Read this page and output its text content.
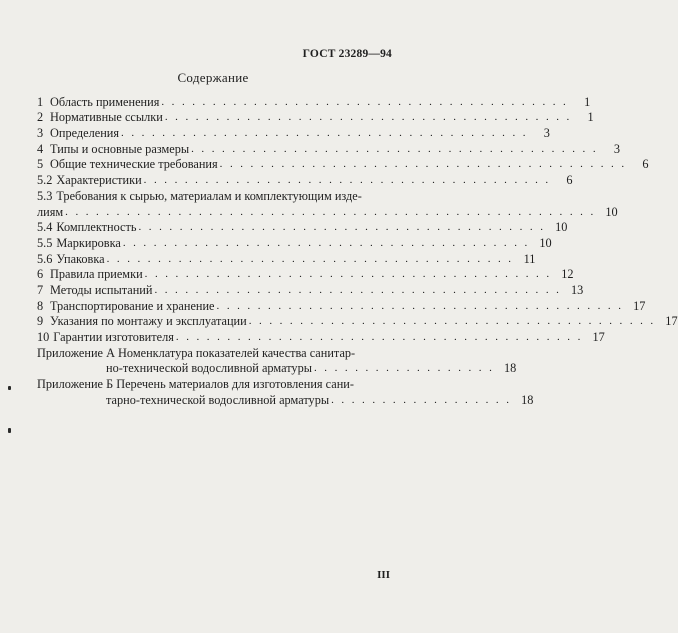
ГОСТ 23289—94
Содержание
1 Область применения . . . . . . . . . . . . . . . . . . . . . . . . . . . . . . . . . . . . . . . .	1
2 Нормативные ссылки . . . . . . . . . . . . . . . . . . . . . . . . . . . . . . . . . . . . . . . .	1
3 Определения . . . . . . . . . . . . . . . . . . . . . . . . . . . . . . . . . . . . . . . .	3
4 Типы и основные размеры . . . . . . . . . . . . . . . . . . . . . . . . . . . . . . . . . . . . . . . .	3
5 Общие технические требования . . . . . . . . . . . . . . . . . . . . . . . . . . . . . . . . . . . . . . . .	6
5.2 Характеристики . . . . . . . . . . . . . . . . . . . . . . . . . . . . . . . . . . . . . . . .	6
5.3 Требования к сырью, материалам и комплектующим изде-
лиям . . . . . . . . . . . . . . . . . . . . . . . . . . . . . . . . . . . . . . . . . . . . . . . . . . . . 10
5.4 Комплектность . . . . . . . . . . . . . . . . . . . . . . . . . . . . . . . . . . . . . . . . 10
5.5 Маркировка . . . . . . . . . . . . . . . . . . . . . . . . . . . . . . . . . . . . . . . . 10
5.6 Упаковка . . . . . . . . . . . . . . . . . . . . . . . . . . . . . . . . . . . . . . . . 11
6 Правила приемки . . . . . . . . . . . . . . . . . . . . . . . . . . . . . . . . . . . . . . . . 12
7 Методы испытаний . . . . . . . . . . . . . . . . . . . . . . . . . . . . . . . . . . . . . . . . 13
8 Транспортирование и хранение . . . . . . . . . . . . . . . . . . . . . . . . . . . . . . . . . . . . . . . . 17
9 Указания по монтажу и эксплуатации . . . . . . . . . . . . . . . . . . . . . . . . . . . . . . . . . . . . . . . . 17
10 Гарантии изготовителя . . . . . . . . . . . . . . . . . . . . . . . . . . . . . . . . . . . . . . . . 17
Приложение А Номенклатура показателей качества санитар-
но-технической водосливной арматуры . . . . . . . . . . . . . . . . . . 18
Приложение Б Перечень материалов для изготовления сани-
тарно-технической водосливной арматуры . . . . . . . . . . . . . . . . . . 18
III
